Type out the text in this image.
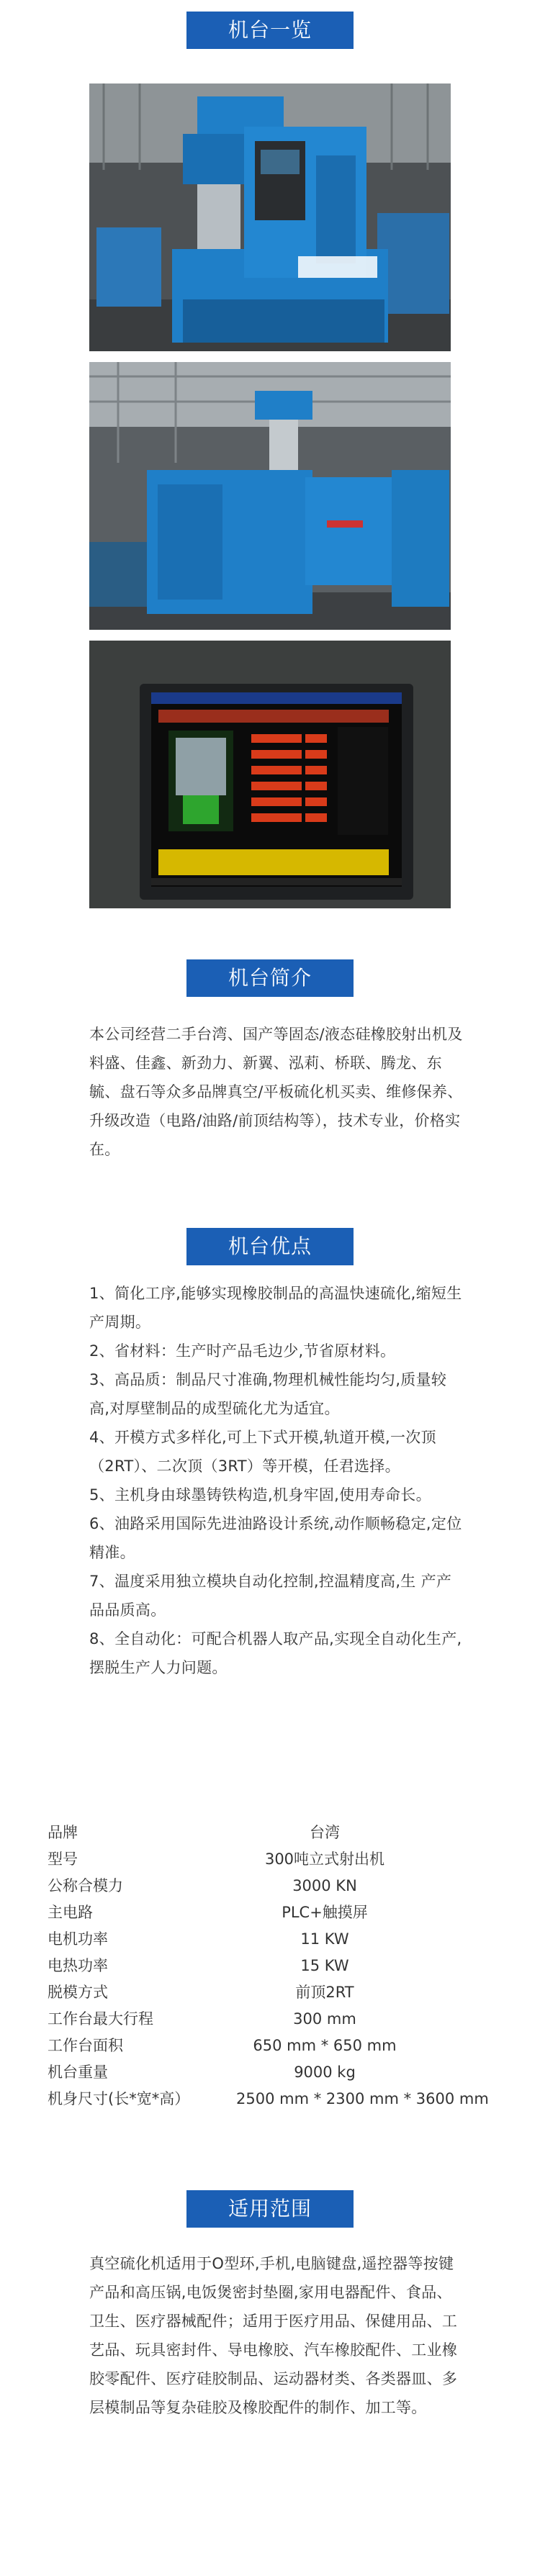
机台一览
机台简介

本公司经营二手台湾、国产等固态/液态硅橡胶射出机及料盛、佳鑫、新劲力、新翼、泓莉、桥联、腾龙、东毓、盘石等众多品牌真空/平板硫化机买卖、维修保养、升级改造（电路/油路/前顶结构等），技术专业，价格实在。

机台优点

1、简化工序,能够实现橡胶制品的高温快速硫化,缩短生产周期。

2、省材料：生产时产品毛边少,节省原材料。

3、高品质：制品尺寸准确,物理机械性能均匀,质量较高,对厚壁制品的成型硫化尤为适宜。

4、开模方式多样化,可上下式开模,轨道开模,一次顶（2RT）、二次顶（3RT）等开模，任君选择。

5、主机身由球墨铸铁构造,机身牢固,使用寿命长。

6、油路采用国际先进油路设计系统,动作顺畅稳定,定位精准。

7、温度采用独立模块自动化控制,控温精度高,生 产产品品质高。

8、全自动化：可配合机器人取产品,实现全自动化生产,摆脱生产人力问题。

品牌	台湾
型号	300吨立式射出机
公称合模力	3000 KN
主电路	PLC+触摸屏
电机功率	11 KW
电热功率	15 KW
脱模方式	前顶2RT
工作台最大行程	300 mm
工作台面积	650 mm * 650 mm
机台重量	9000 kg
机身尺寸(长*宽*高）	2500 mm * 2300 mm * 3600 mm
适用范围

真空硫化机适用于O型环,手机,电脑键盘,遥控器等按键产品和高压锅,电饭煲密封垫圈,家用电器配件、食品、卫生、医疗器械配件；适用于医疗用品、保健用品、工艺品、玩具密封件、导电橡胶、汽车橡胶配件、工业橡胶零配件、医疗硅胶制品、运动器材类、各类器皿、多层模制品等复杂硅胶及橡胶配件的制作、加工等。
